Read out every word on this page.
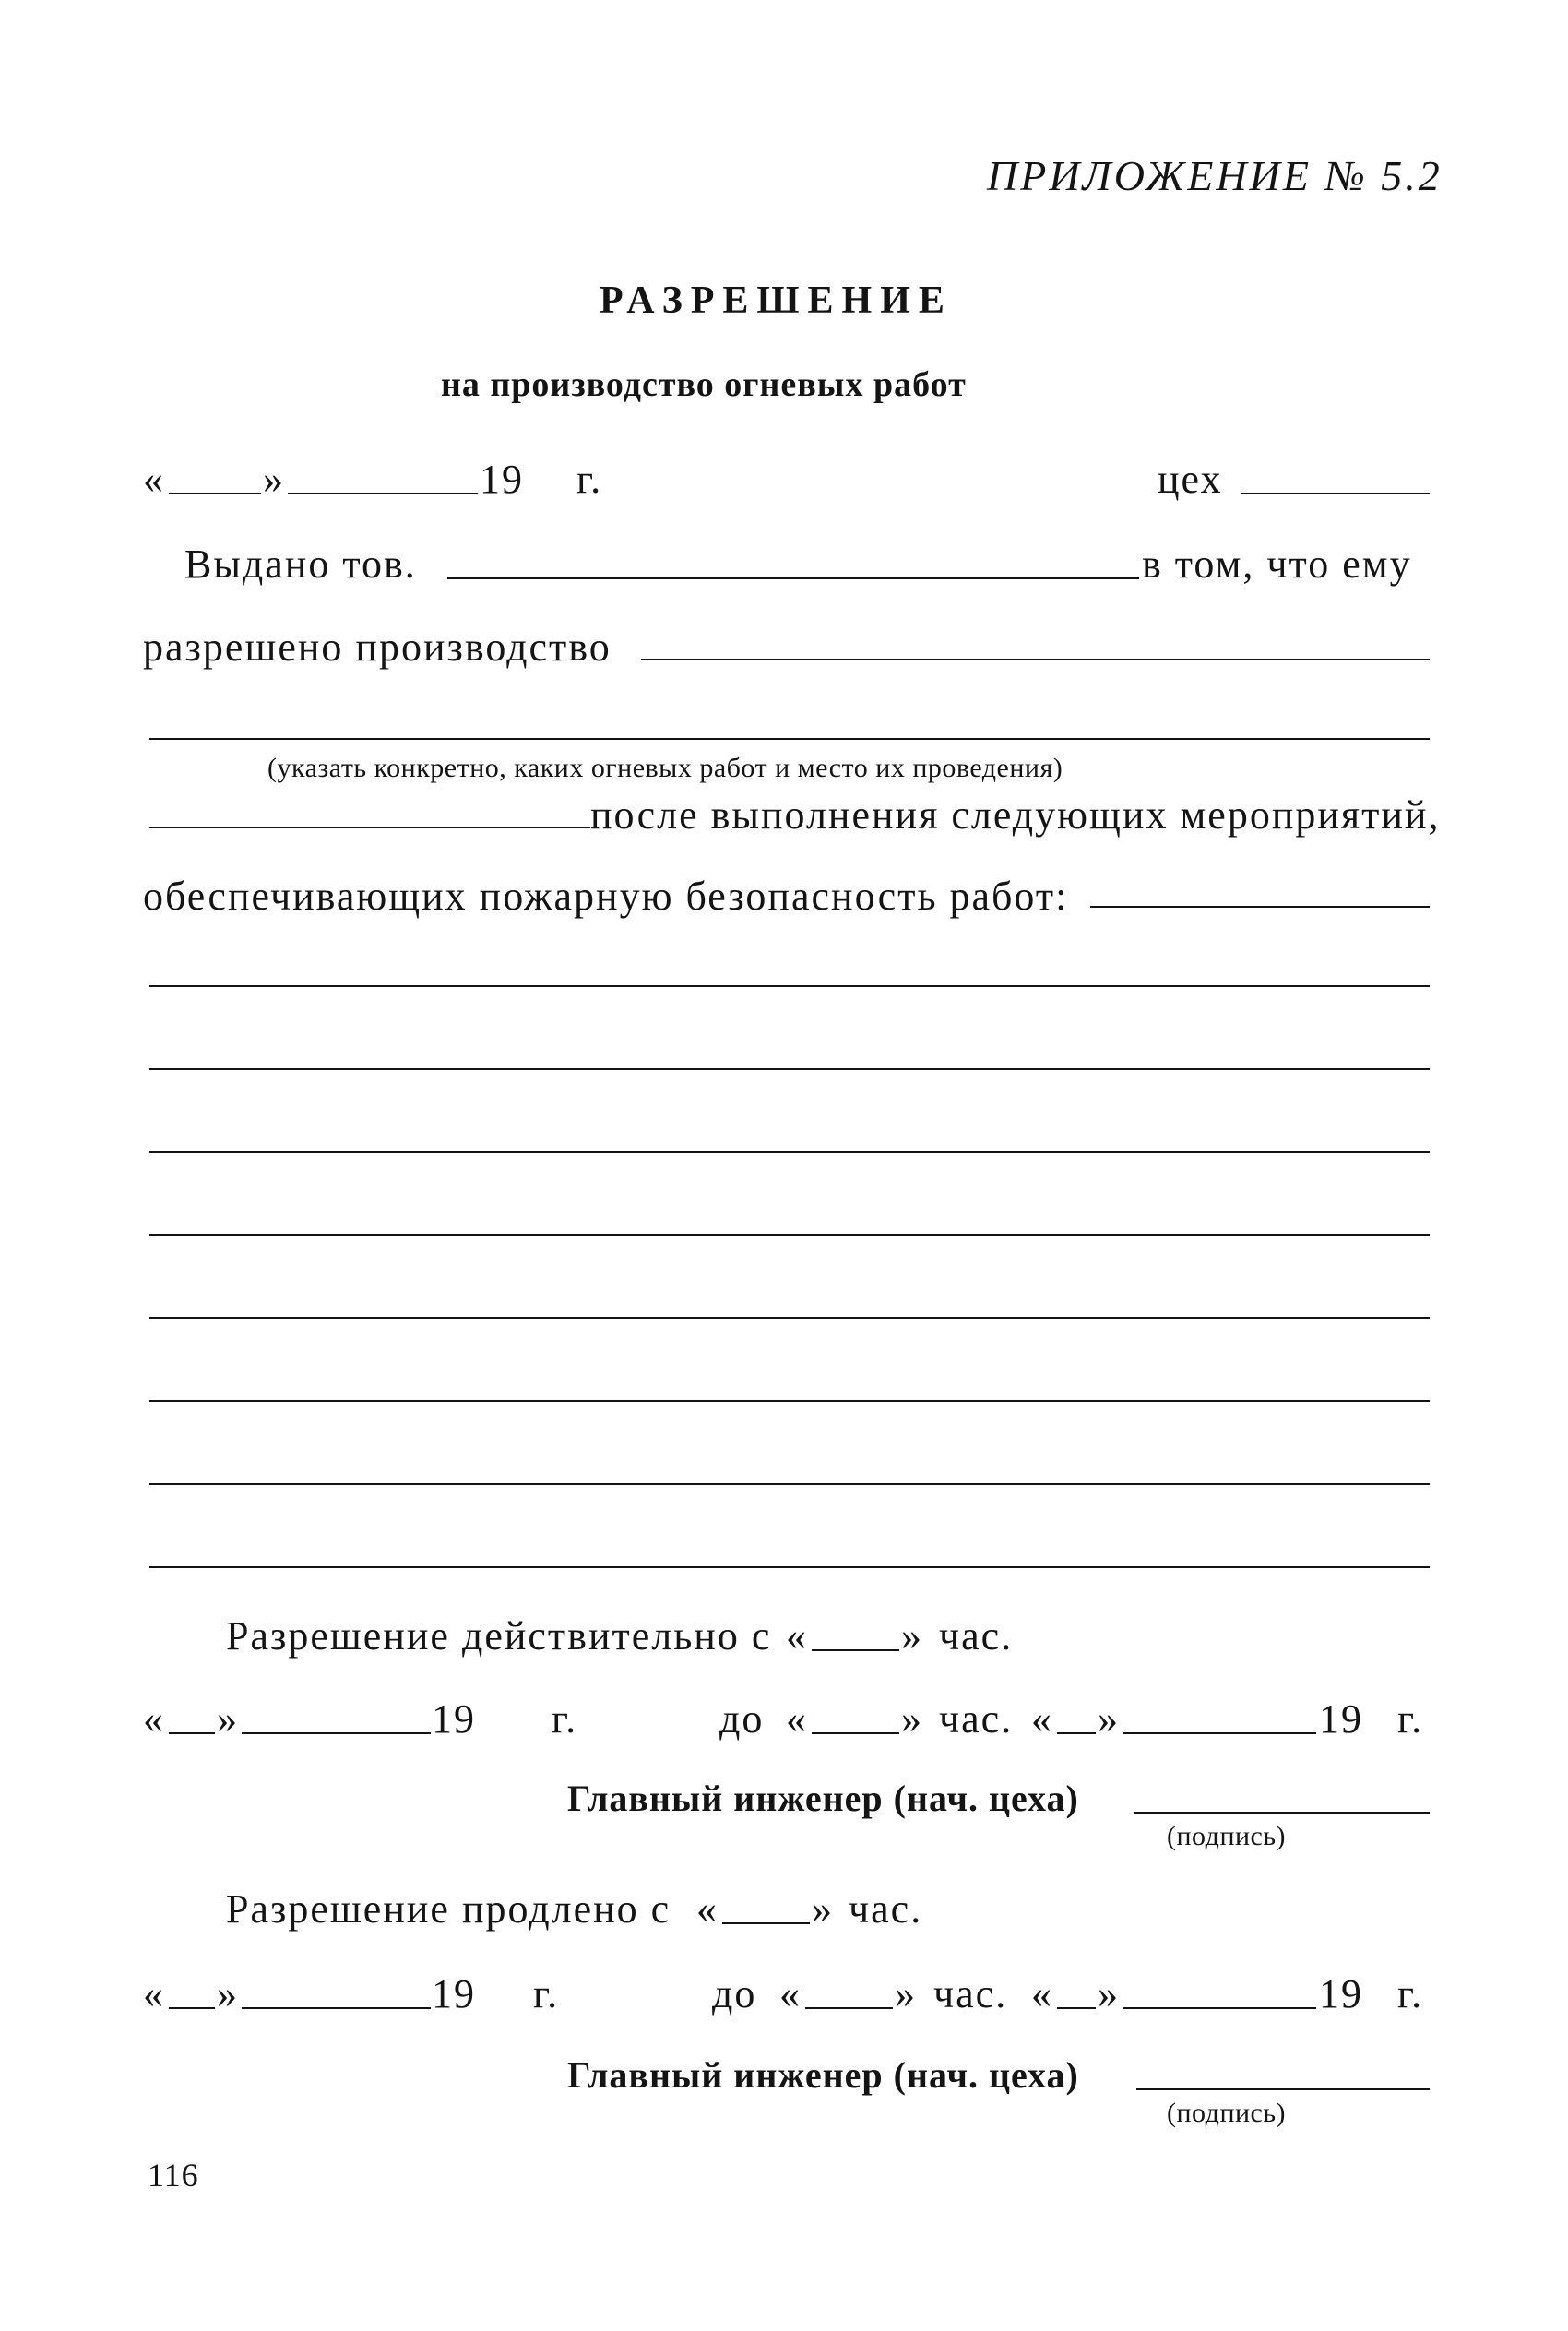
ПРИЛОЖЕНИЕ № 5.2
РАЗРЕШЕНИЕ
на производство огневых работ
« »	19 г.	цех
Выдано тов.	в том, что ему
разрешено производство
(указать конкретно, каких огневых работ и место их проведения)
после выполнения следующих мероприятий,
обеспечивающих пожарную безопасность работ:
Разрешение действительно с « » час.
« »	19 г.	до « » час. « »	19 г.
Главный инженер (нач. цеха)
(подпись)
Разрешение продлено с « » час.
« »	19 г.	до « » час. « »	19 г.
Главный инженер (нач. цеха)
(подпись)
116
